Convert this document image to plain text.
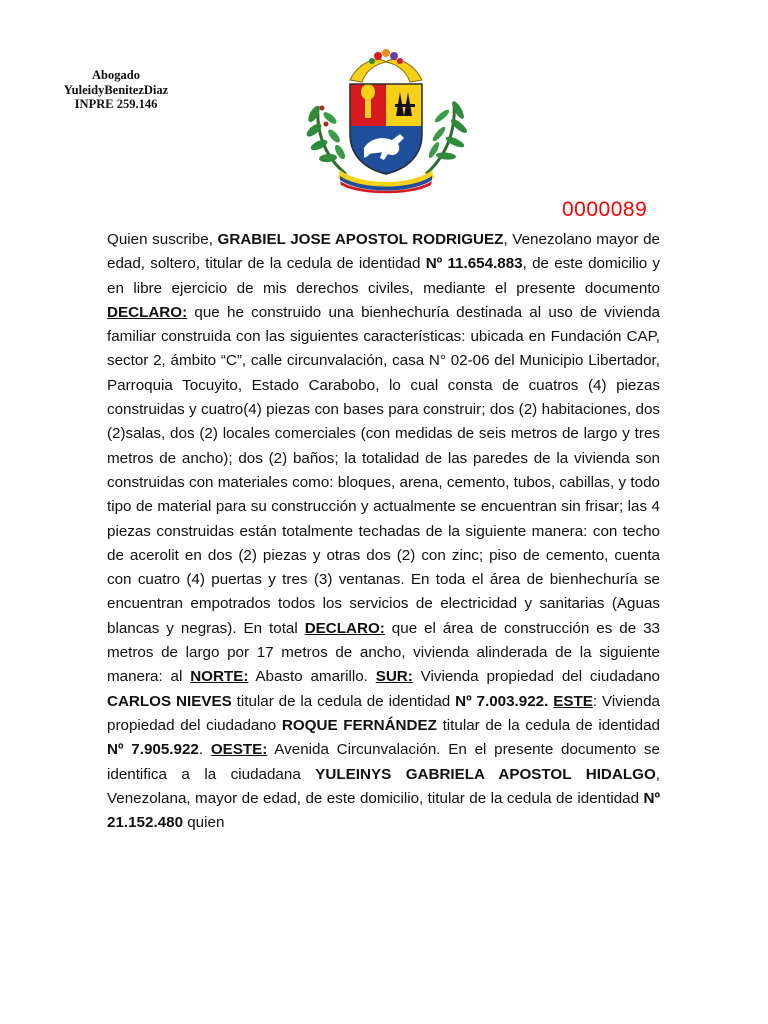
Abogado
YuleidyBenitezDiaz
INPRE 259.146
0000089
Quien suscribe, GRABIEL JOSE APOSTOL RODRIGUEZ, Venezolano mayor de edad, soltero, titular de la cedula de identidad Nº 11.654.883, de este domicilio y en libre ejercicio de mis derechos civiles, mediante el presente documento DECLARO: que he construido una bienhechuría destinada al uso de vivienda familiar construida con las siguientes características: ubicada en Fundación CAP, sector 2, ámbito “C”, calle circunvalación, casa N° 02-06 del Municipio Libertador, Parroquia Tocuyito, Estado Carabobo, lo cual consta de cuatros (4) piezas construidas y cuatro(4) piezas con bases para construir; dos (2) habitaciones, dos (2)salas, dos (2) locales comerciales (con medidas de seis metros de largo y tres metros de ancho); dos (2) baños; la totalidad de las paredes de la vivienda son construidas con materiales como: bloques, arena, cemento, tubos, cabillas, y todo tipo de material para su construcción y actualmente se encuentran sin frisar; las 4 piezas construidas están totalmente techadas de la siguiente manera: con techo de acerolit en dos (2) piezas y otras dos (2) con zinc; piso de cemento, cuenta con cuatro (4) puertas y tres (3) ventanas. En toda el área de bienhechuría se encuentran empotrados todos los servicios de electricidad y sanitarias (Aguas blancas y negras). En total DECLARO: que el área de construcción es de 33 metros de largo por 17 metros de ancho, vivienda alinderada de la siguiente manera: al NORTE: Abasto amarillo. SUR: Vivienda propiedad del ciudadano CARLOS NIEVES titular de la cedula de identidad Nº 7.003.922. ESTE: Vivienda propiedad del ciudadano ROQUE FERNÁNDEZ titular de la cedula de identidad Nº 7.905.922. OESTE: Avenida Circunvalación. En el presente documento se identifica a la ciudadana YULEINYS GABRIELA APOSTOL HIDALGO, Venezolana, mayor de edad, de este domicilio, titular de la cedula de identidad Nº 21.152.480 quien
